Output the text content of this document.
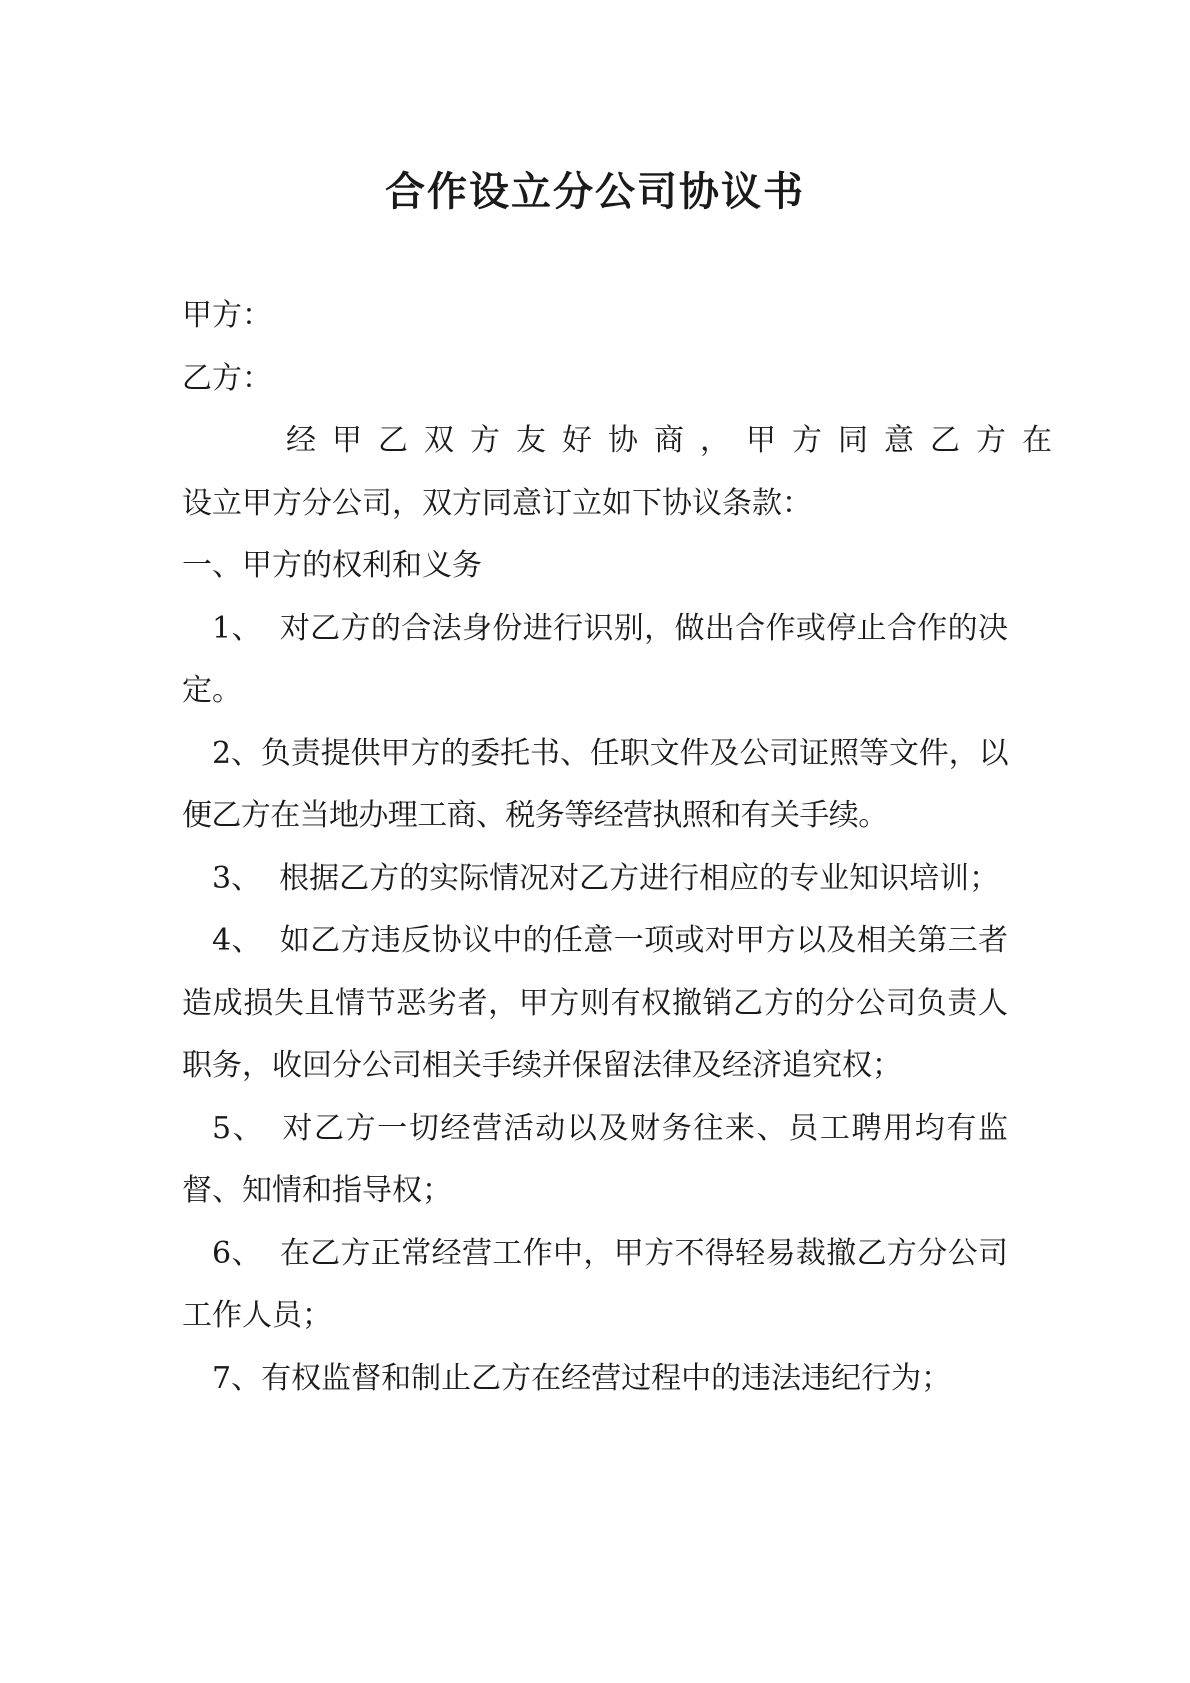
合作设立分公司协议书

甲方：

乙方：

经甲乙双方友好协商，甲方同意乙方在

设立甲方分公司，双方同意订立如下协议条款：

一、甲方的权利和义务

1、 对乙方的合法身份进行识别，做出合作或停止合作的决定。

2、负责提供甲方的委托书、任职文件及公司证照等文件，以便乙方在当地办理工商、税务等经营执照和有关手续。

3、 根据乙方的实际情况对乙方进行相应的专业知识培训；

4、 如乙方违反协议中的任意一项或对甲方以及相关第三者造成损失且情节恶劣者，甲方则有权撤销乙方的分公司负责人职务，收回分公司相关手续并保留法律及经济追究权；

5、 对乙方一切经营活动以及财务往来、员工聘用均有监督、知情和指导权；

6、 在乙方正常经营工作中，甲方不得轻易裁撤乙方分公司工作人员；

7、有权监督和制止乙方在经营过程中的违法违纪行为；
